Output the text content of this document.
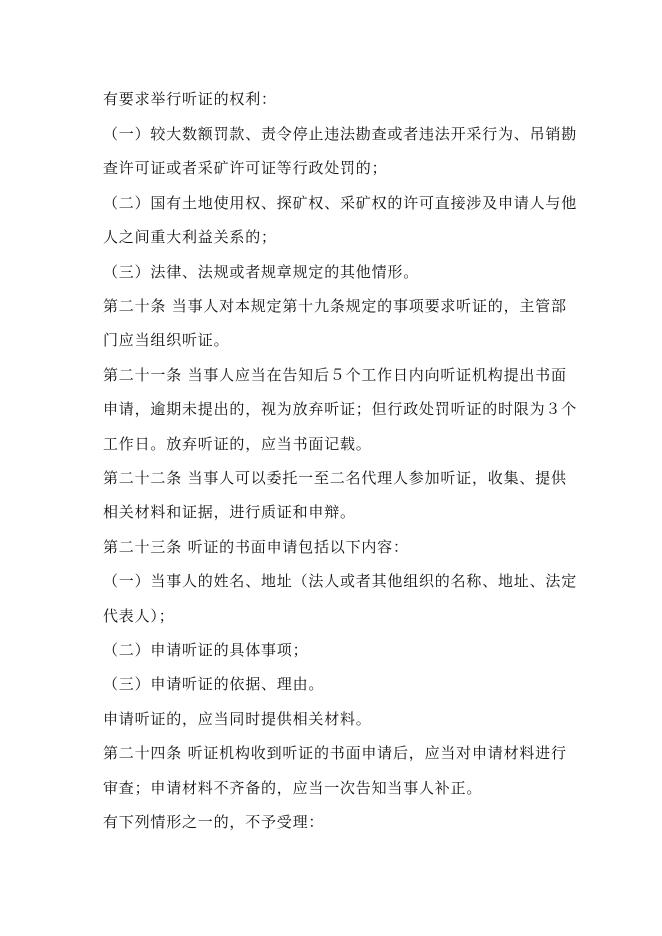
有要求举行听证的权利：
（一）较大数额罚款、责令停止违法勘查或者违法开采行为、吊销勘
查许可证或者采矿许可证等行政处罚的；
（二）国有土地使用权、探矿权、采矿权的许可直接涉及申请人与他
人之间重大利益关系的；
（三）法律、法规或者规章规定的其他情形。
第二十条 当事人对本规定第十九条规定的事项要求听证的，主管部
门应当组织听证。
第二十一条 当事人应当在告知后５个工作日内向听证机构提出书面
申请，逾期未提出的，视为放弃听证；但行政处罚听证的时限为３个
工作日。放弃听证的，应当书面记载。
第二十二条 当事人可以委托一至二名代理人参加听证，收集、提供
相关材料和证据，进行质证和申辩。
第二十三条 听证的书面申请包括以下内容：
（一）当事人的姓名、地址（法人或者其他组织的名称、地址、法定
代表人）；
（二）申请听证的具体事项；
（三）申请听证的依据、理由。
申请听证的，应当同时提供相关材料。
第二十四条 听证机构收到听证的书面申请后，应当对申请材料进行
审查；申请材料不齐备的，应当一次告知当事人补正。
有下列情形之一的，不予受理：
